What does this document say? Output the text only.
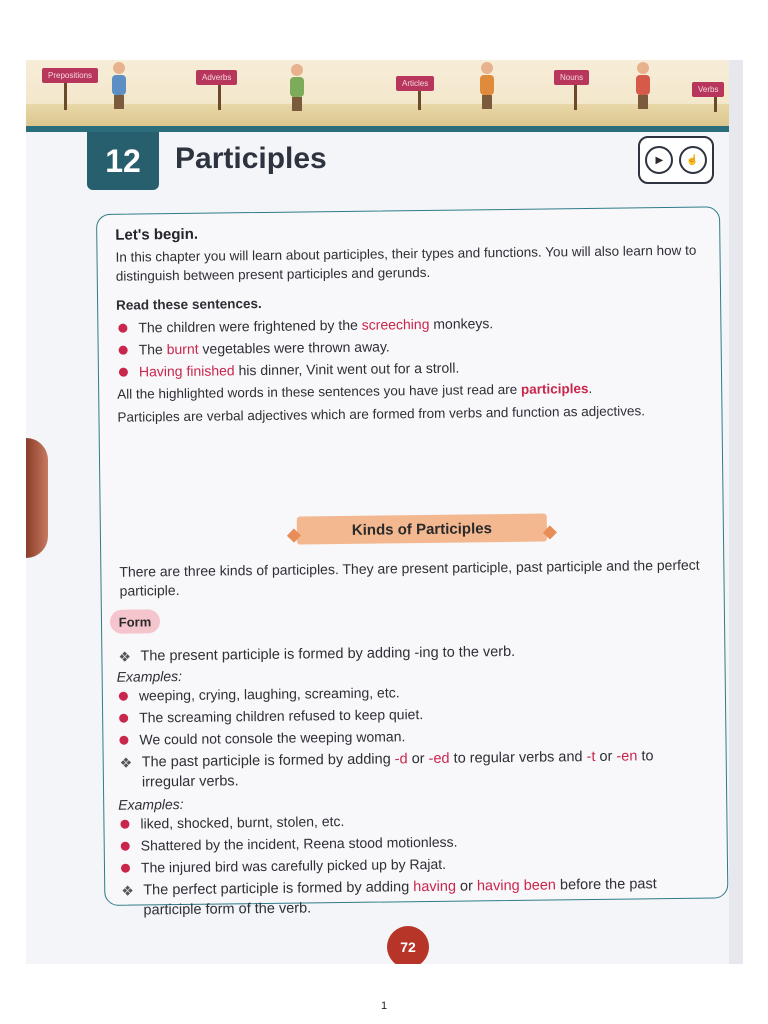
Prepositions	Adverbs
Articles
Nouns
Verbs
12	Participles	▶	☝
Let's begin.
In this chapter you will learn about participles, their types and functions. You will also learn how to distinguish between present participles and gerunds.
Read these sentences.
The children were frightened by the screeching monkeys.
The burnt vegetables were thrown away.
Having finished his dinner, Vinit went out for a stroll.
All the highlighted words in these sentences you have just read are participles.
Participles are verbal adjectives which are formed from verbs and function as adjectives.
Kinds of Participles
There are three kinds of participles. They are present participle, past participle and the perfect participle.
Form
❖ The present participle is formed by adding -ing to the verb.
Examples:
weeping, crying, laughing, screaming, etc.
The screaming children refused to keep quiet.
We could not console the weeping woman.
❖ The past participle is formed by adding -d or -ed to regular verbs and -t or -en to irregular verbs.
Examples:
liked, shocked, burnt, stolen, etc.
Shattered by the incident, Reena stood motionless.
The injured bird was carefully picked up by Rajat.
❖ The perfect participle is formed by adding having or having been before the past participle form of the verb.
72
1
